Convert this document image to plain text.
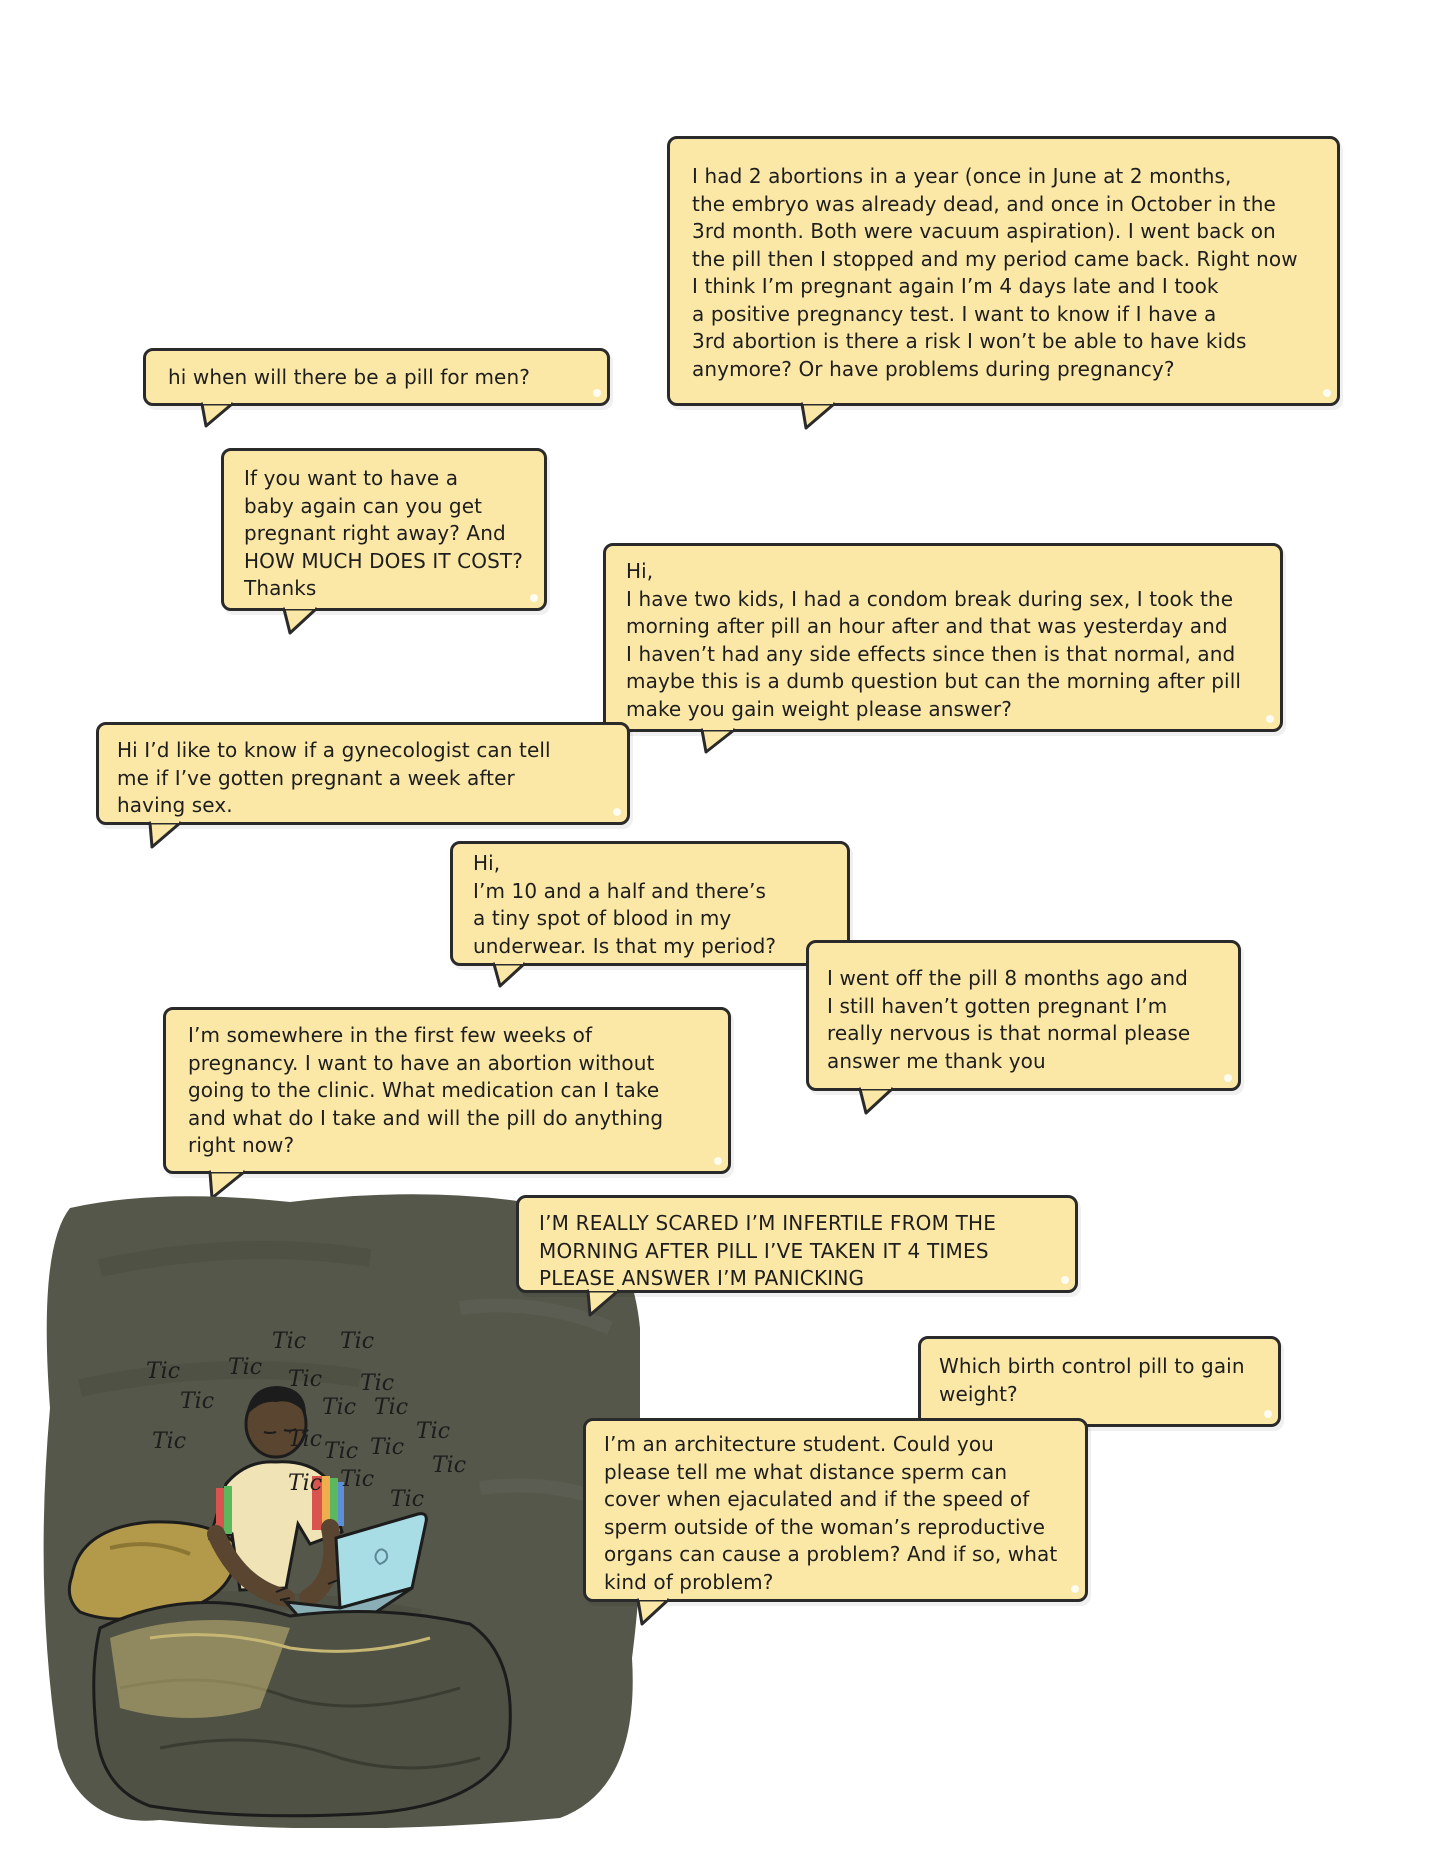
I had 2 abortions in a year (once in June at 2 months,
the embryo was already dead, and once in October in the
3rd month. Both were vacuum aspiration). I went back on
the pill then I stopped and my period came back. Right now
I think I’m pregnant again I’m 4 days late and I took
a positive pregnancy test. I want to know if I have a
3rd abortion is there a risk I won’t be able to have kids
anymore? Or have problems during pregnancy?
hi when will there be a pill for men?
If you want to have a
baby again can you get
pregnant right away? And
HOW MUCH DOES IT COST?
Thanks
Hi,
I have two kids, I had a condom break during sex, I took the
morning after pill an hour after and that was yesterday and
I haven’t had any side effects since then is that normal, and
maybe this is a dumb question but can the morning after pill
make you gain weight please answer?
Hi I’d like to know if a gynecologist can tell
me if I’ve gotten pregnant a week after
having sex.
Hi,
I’m 10 and a half and there’s
a tiny spot of blood in my
underwear. Is that my period?
I went off the pill 8 months ago and
I still haven’t gotten pregnant I’m
really nervous is that normal please
answer me thank you
I’m somewhere in the first few weeks of
pregnancy. I want to have an abortion without
going to the clinic. What medication can I take
and what do I take and will the pill do anything
right now?
Tic
Tic Tic
Tic
Tic
Tic Tic
Tic Tic
Tic	Tic	Tic
Tic Tic
Tic
Tic Tic
Tic
I’M REALLY SCARED I’M INFERTILE FROM THE
MORNING AFTER PILL I’VE TAKEN IT 4 TIMES
PLEASE ANSWER I’M PANICKING
Which birth control pill to gain
weight?
I’m an architecture student. Could you
please tell me what distance sperm can
cover when ejaculated and if the speed of
sperm outside of the woman’s reproductive
organs can cause a problem? And if so, what
kind of problem?
